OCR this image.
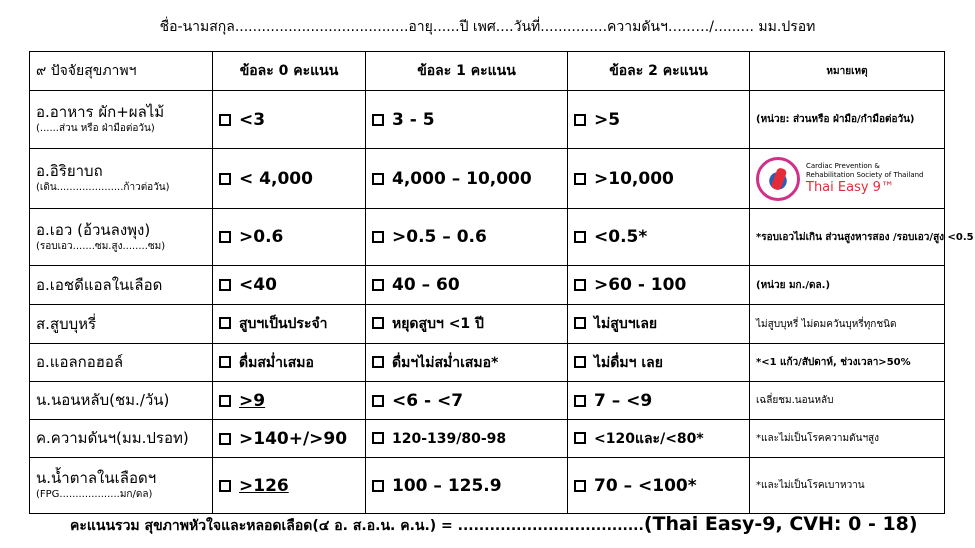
ชื่อ-นามสกุล.......................................อายุ......ปี เพศ....วันที่...............ความดันฯ…..…./......... มม.ปรอท
๙ ปัจจัยสุขภาพฯ	ข้อละ 0 คะแนน	ข้อละ 1 คะแนน	ข้อละ 2 คะแนน	หมายเหตุ

อ.อาหาร ผัก+ผลไม้
(......ส่วน หรือ ฝ่ามือต่อวัน)	<3	3 - 5	>5	(หน่วย: ส่วนหรือ ฝ่ามือ/กำมือต่อวัน)

อ.อิริยาบถ
(เดิน.....................ก้าวต่อวัน)	< 4,000	4,000 – 10,000	>10,000	Cardiac Prevention &
Rehabilitation Society of Thailand
Thai Easy 9™

อ.เอว (อ้วนลงพุง)
(รอบเอว.......ซม.สูง........ซม)	>0.6	>0.5 – 0.6	<0.5*	*รอบเอวไม่เกิน ส่วนสูงหารสอง /รอบเอว/สูง <0.5

อ.เอชดีแอลในเลือด	<40	40 – 60	>60 - 100	(หน่วย มก./ดล.)

ส.สูบบุหรี่	สูบฯเป็นประจำ	หยุดสูบฯ <1 ปี	ไม่สูบฯเลย	ไม่สูบบุหรี่ ไม่ดมควันบุหรี่ทุกชนิด

อ.แอลกอฮอล์	ดื่มสม่ำเสมอ	ดื่มฯไม่สม่ำเสมอ*	ไม่ดื่มฯ เลย	*<1 แก้ว/สัปดาห์, ช่วงเวลา>50%

น.นอนหลับ(ชม./วัน)	>9	<6 - <7	7 – <9	เฉลี่ยชม.นอนหลับ

ค.ความดันฯ(มม.ปรอท)	>140+/>90	120-139/80-98	<120และ/<80*	*และไม่เป็นโรคความดันฯสูง

น.น้ำตาลในเลือดฯ
(FPG...................มก/ดล)	>126	100 – 125.9	70 – <100*	*และไม่เป็นโรคเบาหวาน
คะแนนรวม สุขภาพหัวใจและหลอดเลือด(๔ อ. ส.อ.น. ค.น.) = ...................................(Thai Easy-9, CVH: 0 - 18)
